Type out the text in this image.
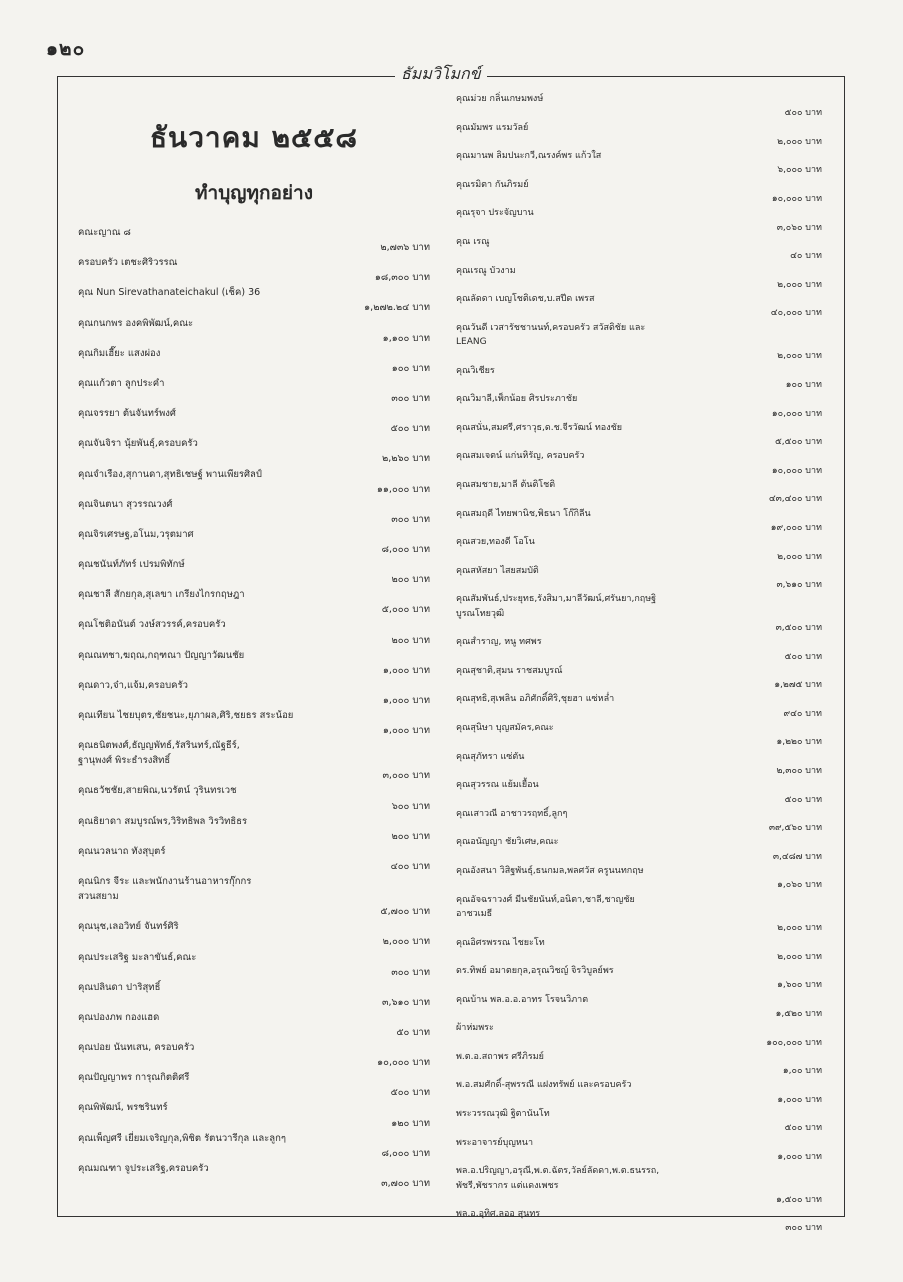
๑๒๐
ธัมมวิโมกข์
ธันวาคม ๒๕๕๘
ทำบุญทุกอย่าง
คณะญาณ ๘
๒,๗๓๖ บาท
ครอบครัว เตชะศิริวรรณ
๑๘,๓๐๐ บาท
คุณ Nun Sirevathanateichakul (เช็ค) 36
๑,๒๗๒.๒๔ บาท
คุณกนกพร องคพิพัฒน์,คณะ
๑,๑๐๐ บาท
คุณกิมเฮี๊ยะ แสงผ่อง
๑๐๐ บาท
คุณแก้วตา ลูกประคำ
๓๐๐ บาท
คุณจรรยา ต้นจันทร์พงศ์
๕๐๐ บาท
คุณจันจิรา นุ้ยพันธุ์,ครอบครัว
๒,๒๖๐ บาท
คุณจำเรือง,สุกานดา,สุทธิเชษฐ์ พานเพียรศิลป์
๑๑,๐๐๐ บาท
คุณจินตนา สุวรรณวงศ์
๓๐๐ บาท
คุณจิรเศรษฐ,อโนม,วรุตมาศ
๘,๐๐๐ บาท
คุณชนันท์ภัทร์ เปรมพิทักษ์
๒๐๐ บาท
คุณชาลี สักยกุล,สุเลขา เกรียงไกรกฤษฎา
๕,๐๐๐ บาท
คุณโชติอนันต์ วงษ์สวรรค์,ครอบครัว
๒๐๐ บาท
คุณณทชา,ฆฤณ,กฤฑณา ปัญญาวัฒนชัย
๑,๐๐๐ บาท
คุณดาว,จ๋า,แจ้ม,ครอบครัว
๑,๐๐๐ บาท
คุณเทียน ไชยบุตร,ชัยชนะ,ยุภาผล,ศิริ,ชยธร สระน้อย
๑,๐๐๐ บาท
คุณธนิตพงศ์,ธัญญพัทธ์,รัสรินทร์,ณัฐธีร์,
ฐานุพงศ์ พิระธำรงสิทธิ์
๓,๐๐๐ บาท
คุณธวัชชัย,สายพิณ,นวรัตน์ วุรินทรเวช
๖๐๐ บาท
คุณธิยาดา สมบูรณ์พร,วิริทธิพล วิรวิทธิธร
๒๐๐ บาท
คุณนวลนาถ ทังสุบุตร์
๔๐๐ บาท
คุณนิกร จีระ และพนักงานร้านอาหารกุ๊กกร
สวนสยาม
๕,๗๐๐ บาท
คุณนุช,เลอวิทย์ จันทร์ศิริ
๒,๐๐๐ บาท
คุณประเสริฐ มะลาขันธ์,คณะ
๓๐๐ บาท
คุณปลินดา ปาริสุทธิ์
๓,๖๑๐ บาท
คุณปองภพ กองแฮด
๕๐ บาท
คุณปอย นันทเสน, ครอบครัว
๑๐,๐๐๐ บาท
คุณปัญญาพร การุณกิตติศรี
๕๐๐ บาท
คุณพิพัฒน์, พรชรินทร์
๑๒๐ บาท
คุณเพ็ญศรี เยี่ยมเจริญกุล,พิชิต รัตนวารีกุล และลูกๆ
๘,๐๐๐ บาท
คุณมณฑา จูประเสริฐ,ครอบครัว
๓,๗๐๐ บาท
คุณม่วย กลิ่นเกษมพงษ์
๕๐๐ บาท
คุณมัมพร แรมวัลย์
๒,๐๐๐ บาท
คุณมานพ ลิมปนะกวี,ณรงค์พร แก้วใส
๖,๐๐๐ บาท
คุณรมิตา กันภิรมย์
๑๐,๐๐๐ บาท
คุณรุจา ประจัญบาน
๓,๐๖๐ บาท
คุณ เรณู
๔๐ บาท
คุณเรณู บัวงาม
๒,๐๐๐ บาท
คุณลัดดา เบญโชติเดช,บ.สปีด เพรส
๔๐,๐๐๐ บาท
คุณวันดี เวสารัชชานนท์,ครอบครัว สวัสดิชัย และ
LEANG
๒,๐๐๐ บาท
คุณวิเชียร
๑๐๐ บาท
คุณวิมาลี,เพ็กน้อย ศิรประภาชัย
๑๐,๐๐๐ บาท
คุณสนั่น,สมศรี,ศราวุธ,ด.ช.จีรวัฒน์ ทองชัย
๕,๕๐๐ บาท
คุณสมเจตน์ แก่นหิรัญ, ครอบครัว
๑๐,๐๐๐ บาท
คุณสมชาย,มาลี ต้นติโชติ
๔๓,๔๐๐ บาท
คุณสมฤดี ไทยพานิช,พิธนา โก๊กิลีน
๑๙,๐๐๐ บาท
คุณสวย,ทองดี โอโน
๒,๐๐๐ บาท
คุณสหัสยา ไสยสมบัติ
๓,๖๑๐ บาท
คุณสัมพันธ์,ประยุทธ,รังสิมา,มาลีวัฒน์,ศรันยา,กฤษฐิ
บูรณโทยวุฒิ
๓,๕๐๐ บาท
คุณสำราญ, หนู ทศพร
๕๐๐ บาท
คุณสุชาติ,สุมน ราชสมบูรณ์
๑,๒๗๕ บาท
คุณสุทธิ,สุเพลิน อภิศักดิ์ศิริ,ชุยฮา แซ่หล่ำ
๙๔๐ บาท
คุณสุนิษา บุญสมัคร,คณะ
๑,๒๒๐ บาท
คุณสุภัทรา แซ่ตัน
๒,๓๐๐ บาท
คุณสุวรรณ แย้มเยื้อน
๕๐๐ บาท
คุณเสาวณี อาชาวรฤทธิ์,ลูกๆ
๓๙,๕๖๐ บาท
คุณอนัญญา ชัยวิเศษ,คณะ
๓,๔๘๗ บาท
คุณอังสนา วิสิฐพันธุ์,ธนกมล,พลศวัส ครูนนทกฤษ
๑,๐๖๐ บาท
คุณอัจฉราวงศ์ มีนชัยนันท์,อนิตา,ชาลี,ชาญชัย
อาชวเมธี
๒,๐๐๐ บาท
คุณอิศรพรรณ ไชยะโท
๒,๐๐๐ บาท
ดร.ทิพย์ อมาตยกุล,อรุณวิชญ์ จิรวิบูลย์พร
๑,๖๐๐ บาท
คุณบ้าน พล.อ.อ.อาทร โรจนวิภาต
๑,๕๒๐ บาท
ผ้าห่มพระ
๑๐๐,๐๐๐ บาท
พ.ต.อ.สถาพร ศรีภิรมย์
๑,๐๐ บาท
พ.อ.สมศักดิ์-สุพรรณี แฝงทรัพย์ และครอบครัว
๑,๐๐๐ บาท
พระวรรณวุฒิ ฐิตานันโท
๕๐๐ บาท
พระอาจารย์บุญหนา
๑,๐๐๐ บาท
พล.อ.ปริญญา,อรุณี,พ.ต.ฉัตร,วัลย์ลัดดา,พ.ต.ธนรรถ,
พัชรี,พัชรากร แต่แดงเพชร
๑,๕๐๐ บาท
พล.อ.อุทิศ,ลออ สุนทร
๓๐๐ บาท
